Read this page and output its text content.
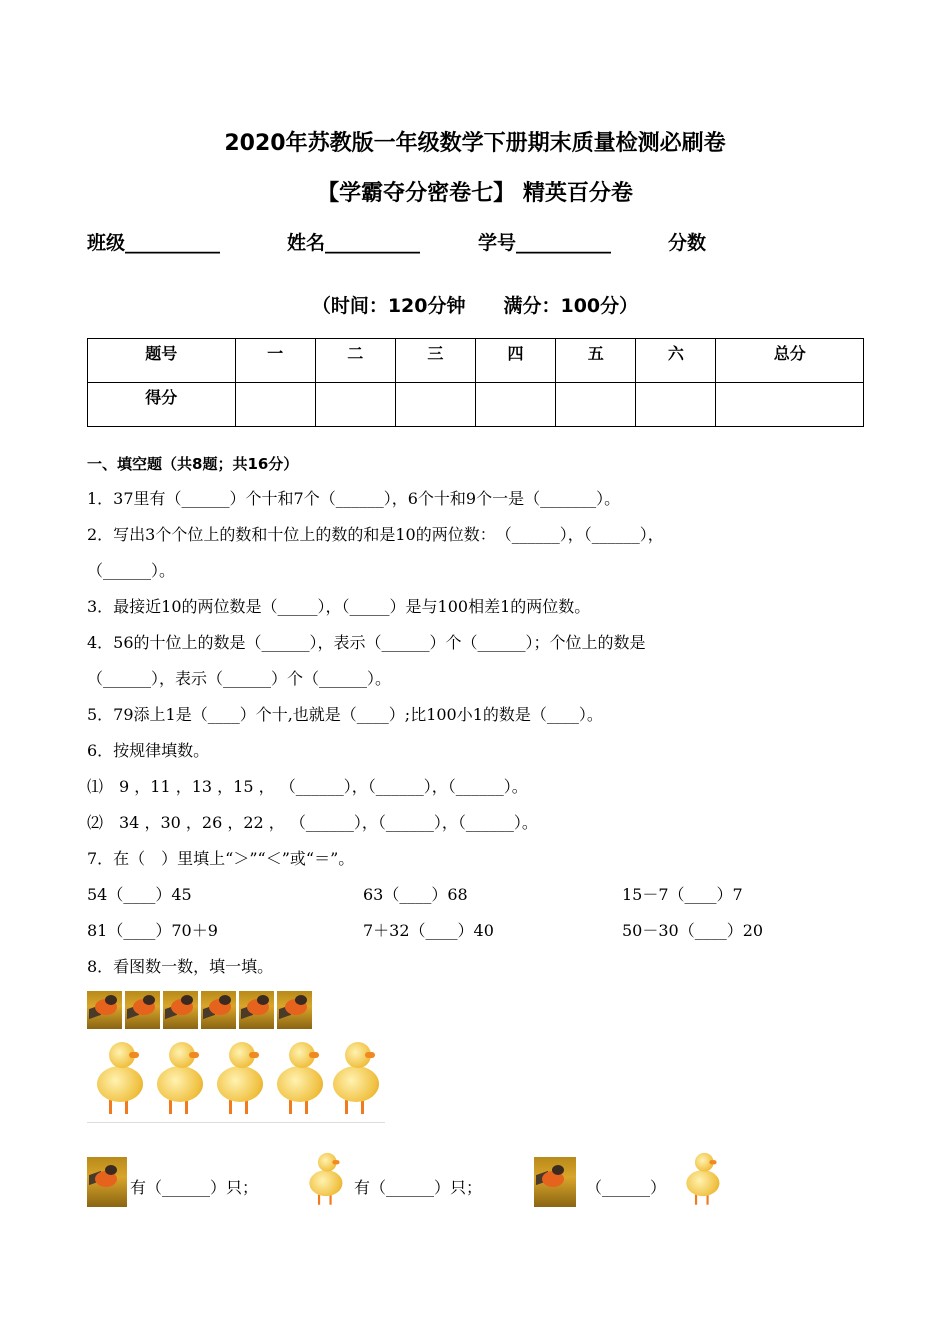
2020年苏教版一年级数学下册期末质量检测必刷卷
【学霸夺分密卷七】 精英百分卷
班级__________	姓名__________	学号__________	分数
（时间：120分钟　　满分：100分）
题号	一	二	三	四	五	六	总分
得分							
一、填空题（共8题；共16分）
1．37里有（______）个十和7个（______），6个十和9个一是（_______）。
2．写出3个个位上的数和十位上的数的和是10的两位数：　（______），（______），
（______）。
3．最接近10的两位数是（_____），（_____）是与100相差1的两位数。
4．56的十位上的数是（______），表示（______）个（______）；个位上的数是
（______），表示（______）个（______）。
5．79添上1是（____）个十,也就是（____）;比100小1的数是（____）。
6．按规律填数。
⑴　9 ，11 ，13 ，15 ， （______），（______），（______）。
⑵　34 ，30 ，26 ，22 ， （______），（______），（______）。
7．在（　）里填上“＞”“＜”或“＝”。
54（____）45	63（____）68	15－7（____）7
81（____）70＋9	7＋32（____）40	50－30（____）20
8．看图数一数，填一填。
有（______）只；	有（______）只；	（______）
